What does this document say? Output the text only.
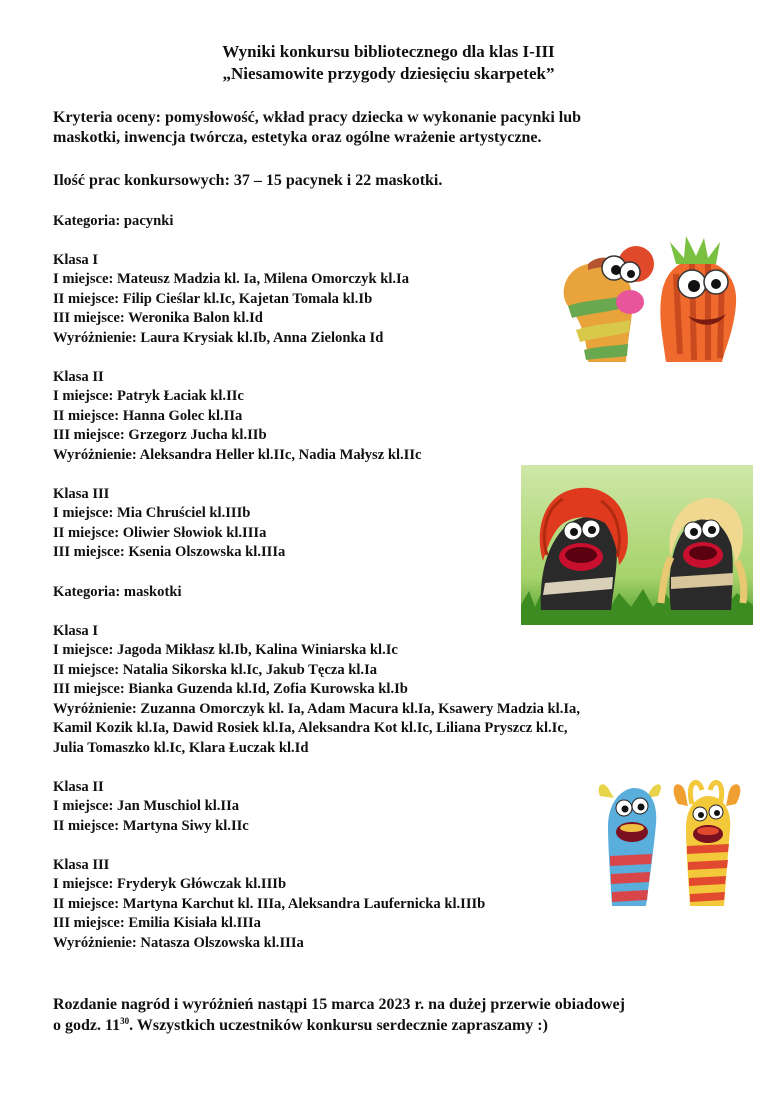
Wyniki konkursu bibliotecznego dla klas I-III
„Niesamowite przygody dziesięciu skarpetek”
Kryteria oceny: pomysłowość, wkład pracy dziecka w wykonanie pacynki lub
maskotki, inwencja twórcza, estetyka oraz ogólne wrażenie artystyczne.
Ilość prac konkursowych: 37 – 15 pacynek i 22 maskotki.
Kategoria: pacynki
Klasa I
I miejsce: Mateusz Madzia kl. Ia, Milena Omorczyk kl.Ia
II miejsce: Filip Cieślar kl.Ic, Kajetan Tomala kl.Ib
III miejsce: Weronika Balon kl.Id
Wyróżnienie: Laura Krysiak kl.Ib, Anna Zielonka Id
Klasa II
I miejsce: Patryk Łaciak kl.IIc
II miejsce: Hanna Golec kl.IIa
III miejsce: Grzegorz Jucha kl.IIb
Wyróżnienie: Aleksandra Heller kl.IIc, Nadia Małysz kl.IIc
Klasa III
I miejsce: Mia Chruściel kl.IIIb
II miejsce: Oliwier Słowiok kl.IIIa
III miejsce: Ksenia Olszowska kl.IIIa
Kategoria: maskotki
Klasa I
I miejsce: Jagoda Mikłasz kl.Ib, Kalina Winiarska kl.Ic
II miejsce: Natalia Sikorska kl.Ic, Jakub Tęcza kl.Ia
III miejsce: Bianka Guzenda kl.Id, Zofia Kurowska kl.Ib
Wyróżnienie: Zuzanna Omorczyk kl. Ia, Adam Macura kl.Ia, Ksawery Madzia kl.Ia,
Kamil Kozik kl.Ia, Dawid Rosiek kl.Ia, Aleksandra Kot kl.Ic, Liliana Pryszcz kl.Ic,
Julia Tomaszko kl.Ic, Klara Łuczak kl.Id
Klasa II
I miejsce: Jan Muschiol kl.IIa
II miejsce: Martyna Siwy kl.IIc
Klasa III
I miejsce: Fryderyk Główczak kl.IIIb
II miejsce: Martyna Karchut kl. IIIa, Aleksandra Laufernicka kl.IIIb
III miejsce: Emilia Kisiała kl.IIIa
Wyróżnienie: Natasza Olszowska kl.IIIa
Rozdanie nagród i wyróżnień nastąpi 15 marca 2023 r. na dużej przerwie obiadowej
o godz. $11^{30}$. Wszystkich uczestników konkursu serdecznie zapraszamy :)
